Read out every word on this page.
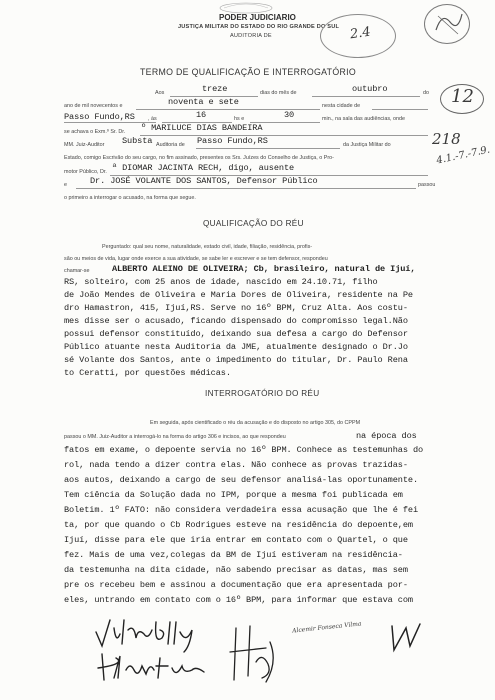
PODER JUDICIARIO
JUSTIÇA MILITAR DO ESTADO DO RIO GRANDE DO SUL
AUDITORIA DE	2.4
TERMO DE QUALIFICAÇÃO E INTERROGATÓRIO
12
Aos	treze	dias do mês de	outubro	do
ano de mil novecentos e	noventa e sete	nesta cidade de
Passo Fundo,RS , às	16	hs e	30	min., na sala das audiências, onde
se achava o Exm.º Sr. Dr. º MARILUCE DIAS BANDEIRA
MM. Juiz-Auditor Substa Auditoria de Passo Fundo,RS	da Justiça Militar do	218
4.1.-7.-7.9.
Estado, comigo Escrivão do seu cargo, no fim assinado, presentes os Srs. Juízes do Conselho de Justiça, o Pro-
motor Público, Dr. ª DIOMAR JACINTA RECH, digo, ausente
e	Dr. JOSÉ VOLANTE DOS SANTOS, Defensor Público	passou
o primeiro a interrogar o acusado, na forma que segue.
QUALIFICAÇÃO DO RÉU
Perguntado: qual seu nome, naturalidade, estado civil, idade, filiação, residência, profis-
são ou meios de vida, lugar onde exerce a sua atividade, se sabe ler e escrever e se tem defensor, respondeu
chamar-se	ALBERTO ALEINO DE OLIVEIRA; Cb, brasileiro, natural de Ijuí,
RS, solteiro, com 25 anos de idade, nascido em 24.10.71, filho
de João Mendes de Oliveira e Maria Dores de Oliveira, residente na Pe
dro Hamastron, 415, Ijuí,RS. Serve no 16º BPM, Cruz Alta. Aos costu-
mes disse ser o acusado, ficando dispensado do compromisso legal.Não
possui defensor constituído, deixando sua defesa a cargo do Defensor
Público atuante nesta Auditoria da JME, atualmente designado o Dr.Jo
sé Volante dos Santos, ante o impedimento do titular, Dr. Paulo Rena
to Ceratti, por questões médicas.
INTERROGATÓRIO DO RÉU
Em seguida, após cientificado o réu da acusação e do disposto no artigo 305, do CPPM
passou o MM. Juiz-Auditor a interrogá-lo na forma do artigo 306 e incisos, ao que respondeu	na época dos
fatos em exame, o depoente servia no 16º BPM. Conhece as testemunhas do
rol, nada tendo a dizer contra elas. Não conhece as provas trazidas-
aos autos, deixando a cargo de seu defensor analisá-las oportunamente.
Tem ciência da Solução dada no IPM, porque a mesma foi publicada em
Boletim. 1º FATO: não considera verdadeira essa acusação que lhe é fei
ta, por que quando o Cb Rodrigues esteve na residência do depoente,em
Ijuí, disse para ele que iria entrar em contato com o Quartel, o que
fez. Mais de uma vez,colegas da BM de Ijuí estiveram na residência-
da testemunha na dita cidade, não sabendo precisar as datas, mas sem
pre os recebeu bem e assinou a documentação que era apresentada por-
eles, untrando em contato com o 16º BPM, para informar que estava com
Alcemir Fonseca Vilma
